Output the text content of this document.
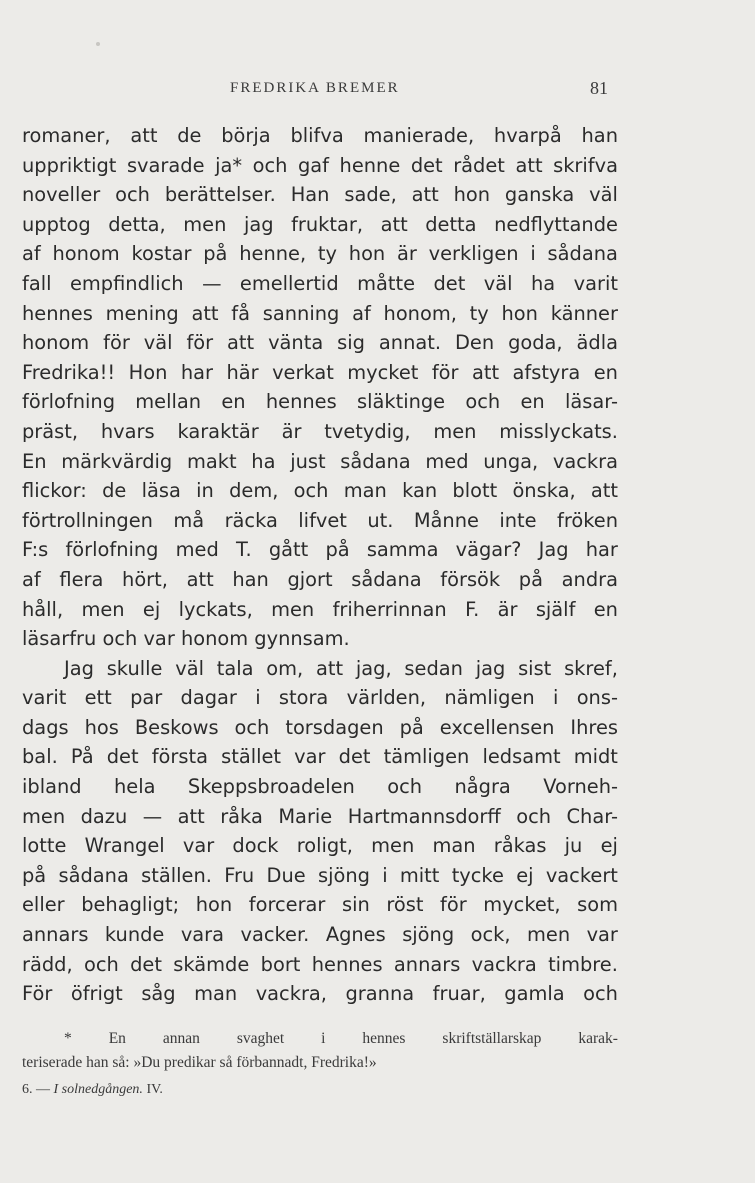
FREDRIKA BREMER	81
romaner, att de börja blifva manierade, hvarpå han
uppriktigt svarade ja* och gaf henne det rådet att skrifva
noveller och berättelser. Han sade, att hon ganska väl
upptog detta, men jag fruktar, att detta nedflyttande
af honom kostar på henne, ty hon är verkligen i sådana
fall empfindlich — emellertid måtte det väl ha varit
hennes mening att få sanning af honom, ty hon känner
honom för väl för att vänta sig annat. Den goda, ädla
Fredrika!! Hon har här verkat mycket för att afstyra en
förlofning mellan en hennes släktinge och en läsar-
präst, hvars karaktär är tvetydig, men misslyckats.
En märkvärdig makt ha just sådana med unga, vackra
flickor: de läsa in dem, och man kan blott önska, att
förtrollningen må räcka lifvet ut. Månne inte fröken
F:s förlofning med T. gått på samma vägar? Jag har
af flera hört, att han gjort sådana försök på andra
håll, men ej lyckats, men friherrinnan F. är själf en
läsarfru och var honom gynnsam.
Jag skulle väl tala om, att jag, sedan jag sist skref,
varit ett par dagar i stora världen, nämligen i ons-
dags hos Beskows och torsdagen på excellensen Ihres
bal. På det första stället var det tämligen ledsamt midt
ibland hela Skeppsbroadelen och några Vorneh-
men dazu — att råka Marie Hartmannsdorff och Char-
lotte Wrangel var dock roligt, men man råkas ju ej
på sådana ställen. Fru Due sjöng i mitt tycke ej vackert
eller behagligt; hon forcerar sin röst för mycket, som
annars kunde vara vacker. Agnes sjöng ock, men var
rädd, och det skämde bort hennes annars vackra timbre.
För öfrigt såg man vackra, granna fruar, gamla och
* En annan svaghet i hennes skriftställarskap karak-
teriserade han så: »Du predikar så förbannadt, Fredrika!»
6. — I solnedgången. IV.
